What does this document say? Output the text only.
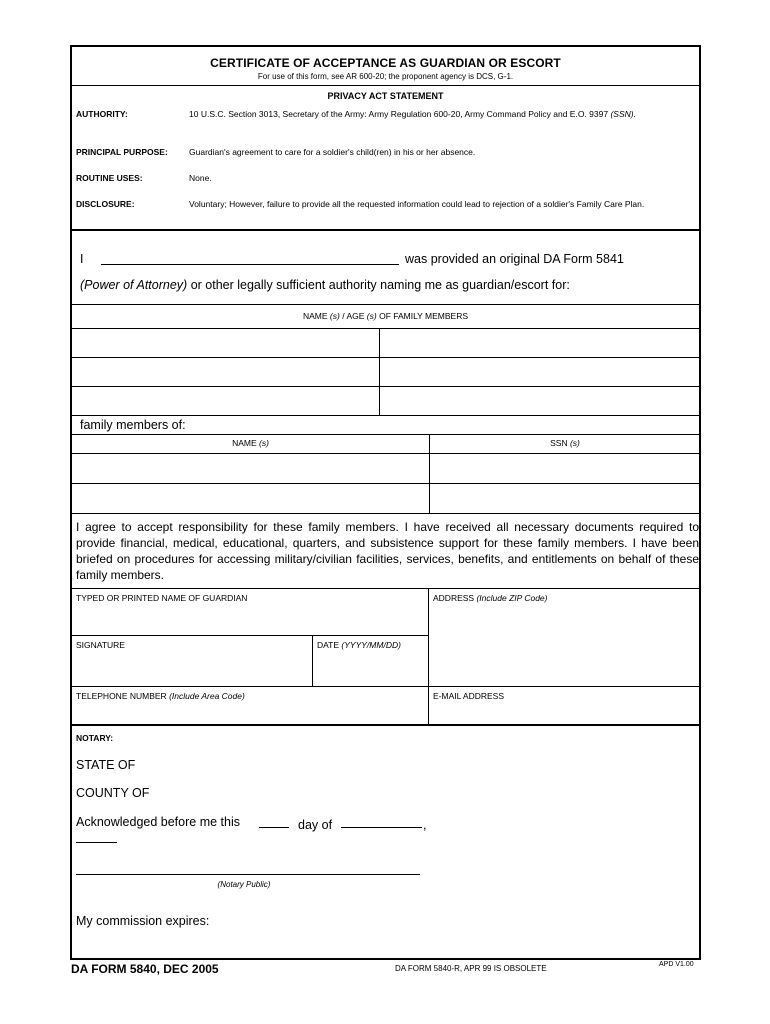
CERTIFICATE OF ACCEPTANCE AS GUARDIAN OR ESCORT
For use of this form, see AR 600-20; the proponent agency is DCS, G-1.
PRIVACY ACT STATEMENT
AUTHORITY:	10 U.S.C. Section 3013, Secretary of the Army: Army Regulation 600-20, Army Command Policy and E.O. 9397 (SSN).
PRINCIPAL PURPOSE: Guardian's agreement to care for a soldier's child(ren) in his or her absence.
ROUTINE USES:	None.
DISCLOSURE:	Voluntary; However, failure to provide all the requested information could lead to rejection of a soldier's Family Care Plan.
I	was provided an original DA Form 5841
(Power of Attorney) or other legally sufficient authority naming me as guardian/escort for:
NAME (s) / AGE (s) OF FAMILY MEMBERS
family members of:
NAME (s)	SSN (s)
I agree to accept responsibility for these family members. I have received all necessary documents required to provide financial, medical, educational, quarters, and subsistence support for these family members. I have been briefed on procedures for accessing military/civilian facilities, services, benefits, and entitlements on behalf of these family members.
TYPED OR PRINTED NAME OF GUARDIAN	ADDRESS (Include ZIP Code)
SIGNATURE	DATE (YYYY/MM/DD)
TELEPHONE NUMBER (Include Area Code)	E-MAIL ADDRESS
NOTARY:
STATE OF
COUNTY OF
Acknowledged before me this	day of	,
(Notary Public)
My commission expires:
DA FORM 5840, DEC 2005	DA FORM 5840-R, APR 99 IS OBSOLETE	APD V1.00
